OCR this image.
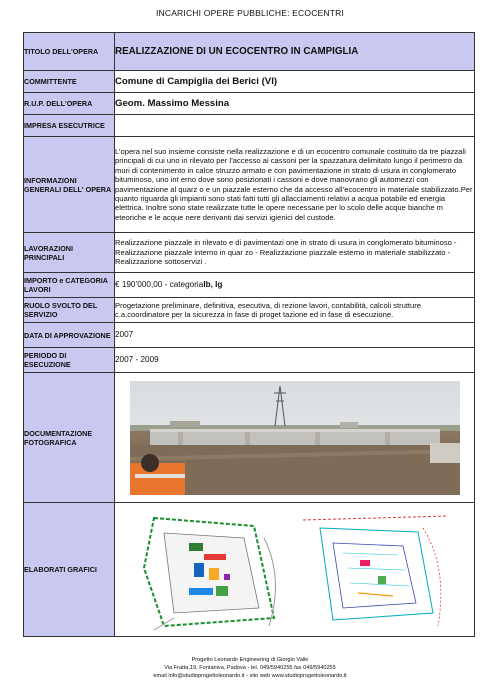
INCARICHI OPERE PUBBLICHE: ECOCENTRI
TITOLO DELL'OPERA	REALIZZAZIONE DI UN ECOCENTRO IN CAMPIGLIA
COMMITTENTE	Comune di Campiglia dei Berici (VI)
R.U.P. DELL'OPERA	Geom. Massimo Messina
IMPRESA ESECUTRICE	
INFORMAZIONI GENERALI DELL' OPERA	L’opera nel suo insieme consiste nella realizzazione e di un ecocentro comunale costituito da tre piazzali principali di cui uno in rilevato per l’accesso ai cassoni per la spazzatura delimitato lungo il perimetro da muri di contenimento in calce struzzo armato e con pavimentazione in strato di usura in conglomerato bituminoso, uno int erno dove sono posizionati i cassoni e dove manovrano gli automezzi con pavimentazione al quarz o e un piazzale esterno che da accesso all’ecocentro in materiale stabilizzato.Per quanto riguarda gli impianti sono stati fatti tutti gli allacciamenti relativi a acqua potabile ed energia elettrica. Inoltre sono state realizzate tutte le opere necessarie per lo scolo delle acque bianche m eteoriche e le acque nere derivanti dai servizi igienici del custode.
LAVORAZIONI PRINCIPALI	Realizzazione piazzale in rilevato e di pavimentazi one in strato di usura in conglomerato bituminoso - Realizzazione piazzale interno in quar zo - Realizzazione piazzale esterno in materiale stabilizzato - Realizzazione sottoservizi .
IMPORTO e CATEGORIA LAVORI	€ 190’000,00 - categoriaIb, Ig
RUOLO SVOLTO DEL SERVIZIO	Progetazione preliminare, definitiva, esecutiva, di rezione lavori, contabilità, calcoli strutture c.a,coordinatore per la sicurezza in fase di proget tazione ed in fase di esecuzione.
DATA DI APPROVAZIONE	2007
PERIODO DI ESECUZIONE	2007 - 2009
DOCUMENTAZIONE FOTOGRAFICA	

ELABORATI GRAFICI	
Progetto Leonardo Engineering di Giorgio Valle
Via Fratta,19, Fontaniva, Padova - tel. 049/5940255 fax 049/5940255
email info@studioprogettoleonardo.it - sito web www.studioprogettoleonardo.it
